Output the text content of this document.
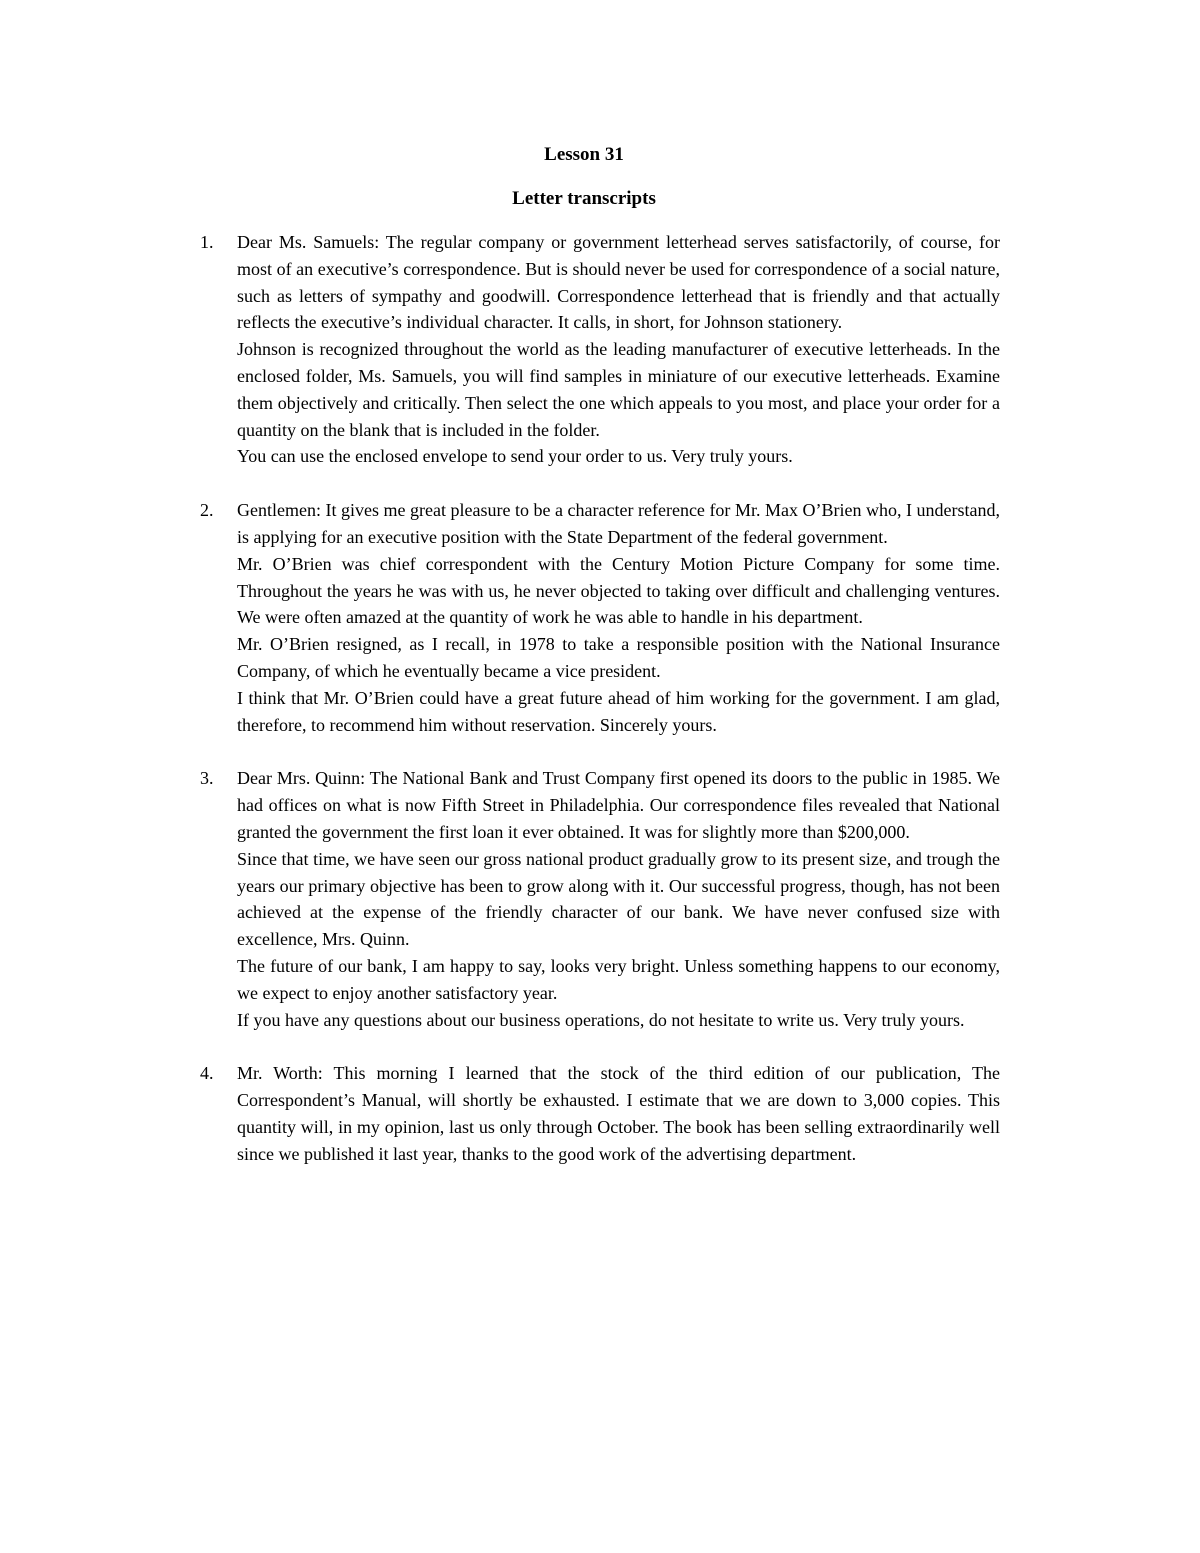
Lesson 31
Letter transcripts
1. Dear Ms. Samuels: The regular company or government letterhead serves satisfactorily, of course, for most of an executive’s correspondence. But is should never be used for correspondence of a social nature, such as letters of sympathy and goodwill. Correspondence letterhead that is friendly and that actually reflects the executive’s individual character. It calls, in short, for Johnson stationery.

Johnson is recognized throughout the world as the leading manufacturer of executive letterheads. In the enclosed folder, Ms. Samuels, you will find samples in miniature of our executive letterheads. Examine them objectively and critically. Then select the one which appeals to you most, and place your order for a quantity on the blank that is included in the folder.

You can use the enclosed envelope to send your order to us. Very truly yours.

2. Gentlemen: It gives me great pleasure to be a character reference for Mr. Max O’Brien who, I understand, is applying for an executive position with the State Department of the federal government.

Mr. O’Brien was chief correspondent with the Century Motion Picture Company for some time. Throughout the years he was with us, he never objected to taking over difficult and challenging ventures. We were often amazed at the quantity of work he was able to handle in his department.

Mr. O’Brien resigned, as I recall, in 1978 to take a responsible position with the National Insurance Company, of which he eventually became a vice president.

I think that Mr. O’Brien could have a great future ahead of him working for the government. I am glad, therefore, to recommend him without reservation. Sincerely yours.

3. Dear Mrs. Quinn: The National Bank and Trust Company first opened its doors to the public in 1985. We had offices on what is now Fifth Street in Philadelphia. Our correspondence files revealed that National granted the government the first loan it ever obtained. It was for slightly more than $200,000.

Since that time, we have seen our gross national product gradually grow to its present size, and trough the years our primary objective has been to grow along with it. Our successful progress, though, has not been achieved at the expense of the friendly character of our bank. We have never confused size with excellence, Mrs. Quinn.

The future of our bank, I am happy to say, looks very bright. Unless something happens to our economy, we expect to enjoy another satisfactory year.

If you have any questions about our business operations, do not hesitate to write us. Very truly yours.

4. Mr. Worth: This morning I learned that the stock of the third edition of our publication, The Correspondent’s Manual, will shortly be exhausted. I estimate that we are down to 3,000 copies. This quantity will, in my opinion, last us only through October. The book has been selling extraordinarily well since we published it last year, thanks to the good work of the advertising department.
